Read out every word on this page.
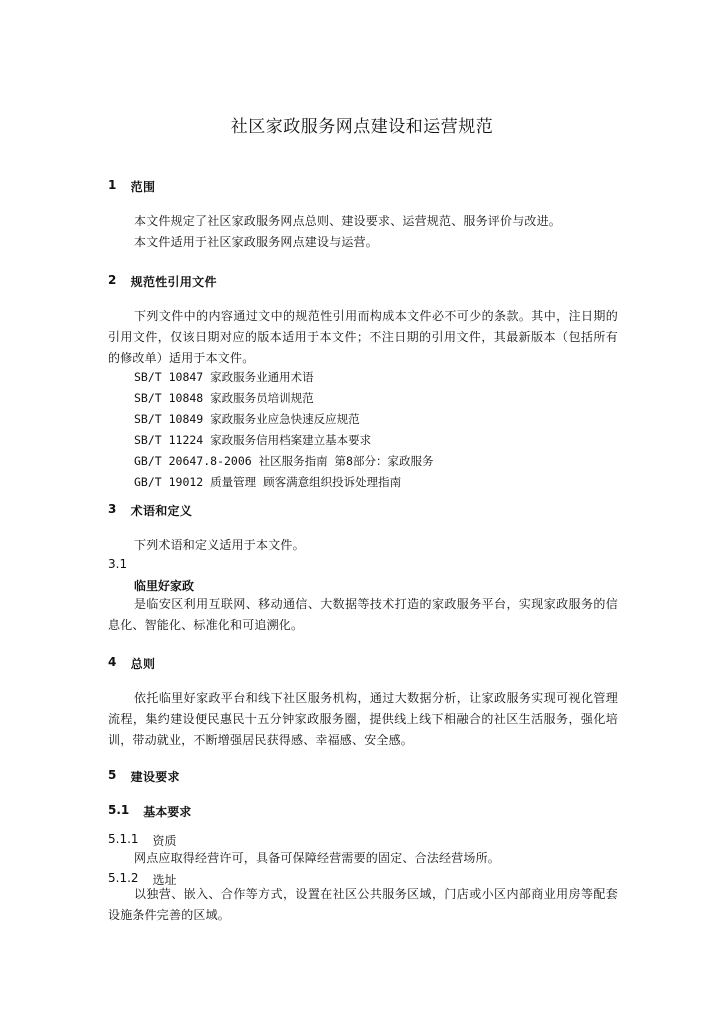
社区家政服务网点建设和运营规范
1 范围
本文件规定了社区家政服务网点总则、建设要求、运营规范、服务评价与改进。
本文件适用于社区家政服务网点建设与运营。
2 规范性引用文件
下列文件中的内容通过文中的规范性引用而构成本文件必不可少的条款。其中，注日期的引用文件，仅该日期对应的版本适用于本文件；不注日期的引用文件，其最新版本（包括所有的修改单）适用于本文件。
SB/T 10847 家政服务业通用术语
SB/T 10848 家政服务员培训规范
SB/T 10849 家政服务业应急快速反应规范
SB/T 11224 家政服务信用档案建立基本要求
GB/T 20647.8-2006 社区服务指南 第8部分：家政服务
GB/T 19012 质量管理 顾客满意组织投诉处理指南
3 术语和定义
下列术语和定义适用于本文件。
3.1
临里好家政
是临安区利用互联网、移动通信、大数据等技术打造的家政服务平台，实现家政服务的信息化、智能化、标准化和可追溯化。
4 总则
依托临里好家政平台和线下社区服务机构，通过大数据分析，让家政服务实现可视化管理流程，集约建设便民惠民十五分钟家政服务圈，提供线上线下相融合的社区生活服务，强化培训，带动就业，不断增强居民获得感、幸福感、安全感。
5 建设要求
5.1 基本要求
5.1.1 资质
网点应取得经营许可，具备可保障经营需要的固定、合法经营场所。
5.1.2 选址
以独营、嵌入、合作等方式，设置在社区公共服务区域，门店或小区内部商业用房等配套设施条件完善的区域。
